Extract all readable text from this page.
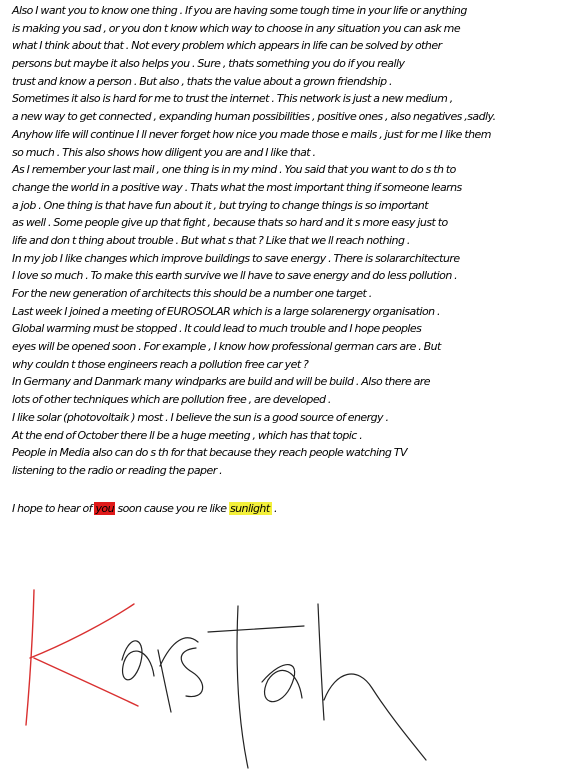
Also I want you to know one thing . If you are having some tough time in your life or anything
is making you sad , or you don t know which way to choose in any situation you can ask me
what I think about that . Not every problem which appears in life can be solved by other
persons but maybe it also helps you . Sure , thats something you do if you really
trust and know a person . But also , thats the value about a grown friendship .
Sometimes it also is hard for me to trust the internet . This network is just a new medium ,
a new way to get connected , expanding human possibilities , positive ones , also negatives ,sadly.
Anyhow life will continue I ll never forget how nice you made those e mails , just for me I like them
so much . This also shows how diligent you are and I like that .
As I remember your last mail , one thing is in my mind . You said that you want to do s th to
change the world in a positive way . Thats what the most important thing if someone learns
a job . One thing is that have fun about it , but trying to change things is so important
as well . Some people give up that fight , because thats so hard and it s more easy just to
life and don t thing about trouble . But what s that ? Like that we ll reach nothing .
In my job I like changes which improve buildings to save energy . There is solararchitecture
I love so much . To make this earth survive we ll have to save energy and do less pollution .
For the new generation of architects this should be a number one target .
Last week I joined a meeting of EUROSOLAR which is a large solarenergy organisation .
Global warming must be stopped . It could lead to much trouble and I hope peoples
eyes will be opened soon . For example , I know how professional german cars are . But
why couldn t those engineers reach a pollution free car yet ?
In Germany and Danmark many windparks are build and will be build . Also there are
lots of other techniques which are pollution free , are developed .
I like solar (photovoltaik ) most . I believe the sun is a good source of energy .
At the end of October there ll be a huge meeting , which has that topic .
People in Media also can do s th for that because they reach people watching TV
listening to the radio or reading the paper .
I hope to hear of you soon cause you re like sunlight .
